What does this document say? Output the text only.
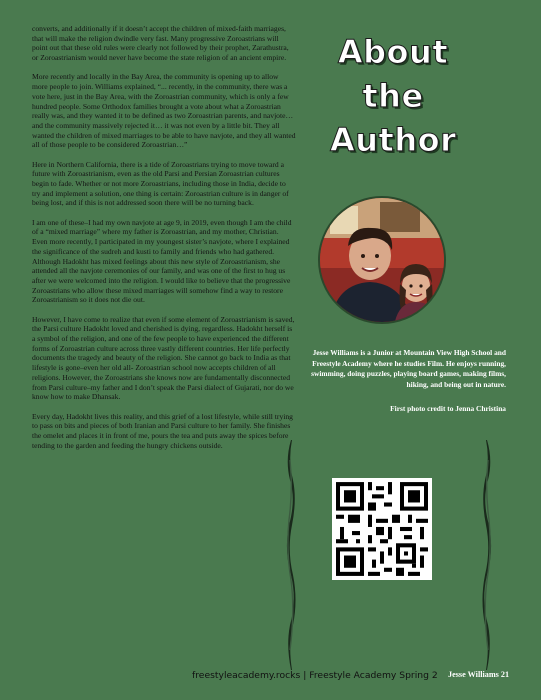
converts, and additionally if it doesn’t accept the children of mixed-faith marriages, that will make the religion dwindle very fast. Many progressive Zoroastrians will point out that these old rules were clearly not followed by their prophet, Zarathustra, or Zoroastrianism would never have become the state religion of an ancient empire.

More recently and locally in the Bay Area, the community is opening up to allow more people to join. Williams explained, “... recently, in the community, there was a vote here, just in the Bay Area, with the Zoroastrian community, which is only a few hundred people. Some Orthodox families brought a vote about what a Zoroastrian really was, and they wanted it to be defined as two Zoroastrian parents, and navjote…and the community massively rejected it… it was not even by a little bit. They all wanted the children of mixed marriages to be able to have navjote, and they all wanted all of those people to be considered Zoroastrian…”

Here in Northern California, there is a tide of Zoroastrians trying to move toward a future with Zoroastrianism, even as the old Parsi and Persian Zoroastrian cultures begin to fade. Whether or not more Zoroastrians, including those in India, decide to try and implement a solution, one thing is certain: Zoroastrian culture is in danger of being lost, and if this is not addressed soon there will be no turning back.

I am one of these–I had my own navjote at age 9, in 2019, even though I am the child of a “mixed marriage” where my father is Zoroastrian, and my mother, Christian. Even more recently, I participated in my youngest sister’s navjote, where I explained the significance of the sudreh and kusti to family and friends who had gathered. Although Hadokht has mixed feelings about this new style of Zoroastrianism, she attended all the navjote ceremonies of our family, and was one of the first to hug us after we were welcomed into the religion. I would like to believe that the progressive Zoroastrians who allow these mixed marriages will somehow find a way to restore Zoroastrianism so it does not die out.

However, I have come to realize that even if some element of Zoroastrianism is saved, the Parsi culture Hadokht loved and cherished is dying, regardless. Hadokht herself is a symbol of the religion, and one of the few people to have experienced the different forms of Zoroastrian culture across three vastly different countries. Her life perfectly documents the tragedy and beauty of the religion. She cannot go back to India as that lifestyle is gone–even her old all- Zoroastrian school now accepts children of all religions. However, the Zoroastrians she knows now are fundamentally disconnected from Parsi culture–my father and I don’t speak the Parsi dialect of Gujarati, nor do we know how to make Dhansak.

Every day, Hadokht lives this reality, and this grief of a lost lifestyle, while still trying to pass on bits and pieces of both Iranian and Parsi culture to her family. She finishes the omelet and places it in front of me, pours the tea and puts away the spices before tending to the garden and feeding the hungry chickens outside.

About
the
Author
Jesse Williams is a Junior at Mountain View High School and Freestyle Academy where he studies Film. He enjoys running, swimming, doing puzzles, playing board games, making films, hiking, and being out in nature.
First photo credit to Jenna Christina
freestyleacademy.rocks | Freestyle Academy Spring 2 Jesse Williams 21
